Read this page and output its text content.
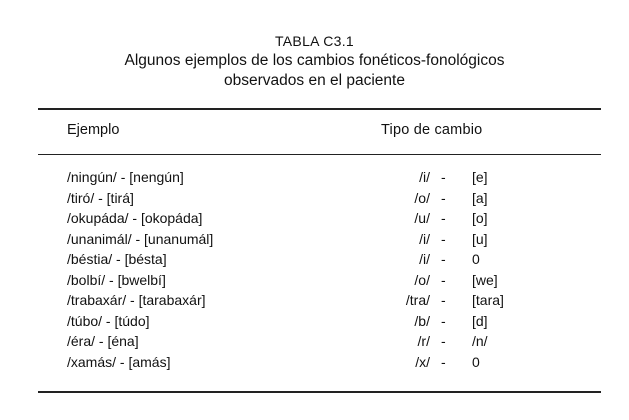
TABLA C3.1
Algunos ejemplos de los cambios fonéticos-fonológicos
observados en el paciente
Ejemplo	Tipo de cambio
/ningún/ - [nengún]	/i/ - [e]
/tiró/ - [tirá]	/o/ - [a]
/okupáda/ - [okopáda]	/u/ - [o]
/unanimál/ - [unanumál]	/i/ - [u]
/béstia/ - [bésta]	/i/ - 0
/bolbí/ - [bwelbí]	/o/ - [we]
/trabaxár/ - [tarabaxár]	/tra/ - [tara]
/túbo/ - [túdo]	/b/ - [d]
/éra/ - [éna]	/r/ - /n/
/xamás/ - [amás]	/x/ - 0
